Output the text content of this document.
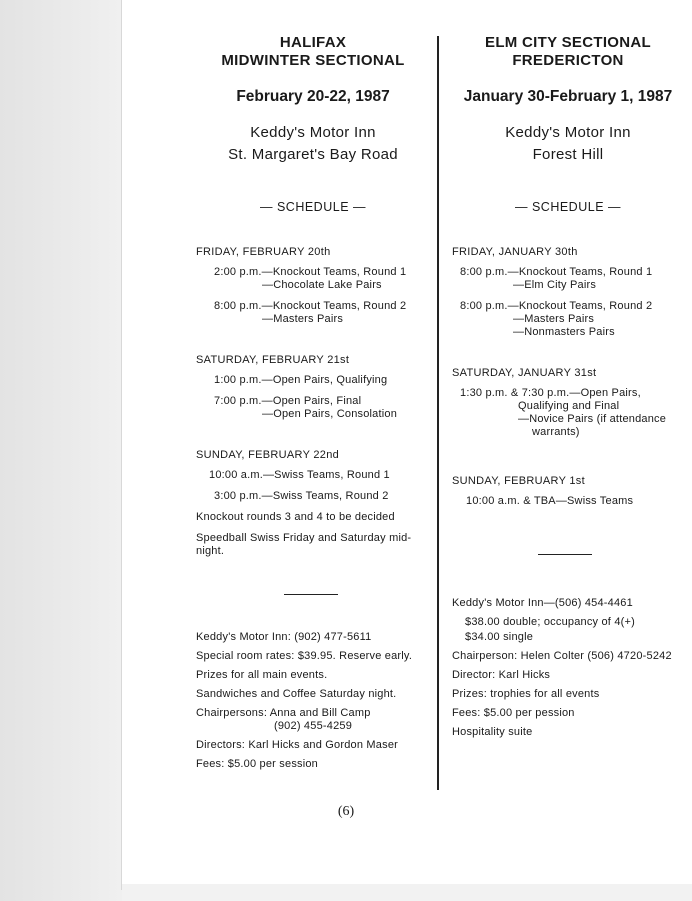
HALIFAX
MIDWINTER SECTIONAL
February 20-22, 1987
Keddy's Motor Inn
St. Margaret's Bay Road
— SCHEDULE —
FRIDAY, FEBRUARY 20th
2:00 p.m.—Knockout Teams, Round 1
—Chocolate Lake Pairs
8:00 p.m.—Knockout Teams, Round 2
—Masters Pairs
SATURDAY, FEBRUARY 21st
1:00 p.m.—Open Pairs, Qualifying
7:00 p.m.—Open Pairs, Final
—Open Pairs, Consolation
SUNDAY, FEBRUARY 22nd
10:00 a.m.—Swiss Teams, Round 1
3:00 p.m.—Swiss Teams, Round 2
Knockout rounds 3 and 4 to be decided
Speedball Swiss Friday and Saturday mid-
night.
Keddy's Motor Inn: (902) 477-5611
Special room rates: $39.95. Reserve early.
Prizes for all main events.
Sandwiches and Coffee Saturday night.
Chairpersons: Anna and Bill Camp
(902) 455-4259
Directors: Karl Hicks and Gordon Maser
Fees: $5.00 per session
ELM CITY SECTIONAL
FREDERICTON
January 30-February 1, 1987
Keddy's Motor Inn
Forest Hill
— SCHEDULE —
FRIDAY, JANUARY 30th
8:00 p.m.—Knockout Teams, Round 1
—Elm City Pairs
8:00 p.m.—Knockout Teams, Round 2
—Masters Pairs
—Nonmasters Pairs
SATURDAY, JANUARY 31st
1:30 p.m. & 7:30 p.m.—Open Pairs,
Qualifying and Final
—Novice Pairs (if attendance
warrants)
SUNDAY, FEBRUARY 1st
10:00 a.m. & TBA—Swiss Teams
Keddy's Motor Inn—(506) 454-4461
$38.00 double; occupancy of 4(+)
$34.00 single
Chairperson: Helen Colter (506) 4720-5242
Director: Karl Hicks
Prizes: trophies for all events
Fees: $5.00 per pession
Hospitality suite
(6)
